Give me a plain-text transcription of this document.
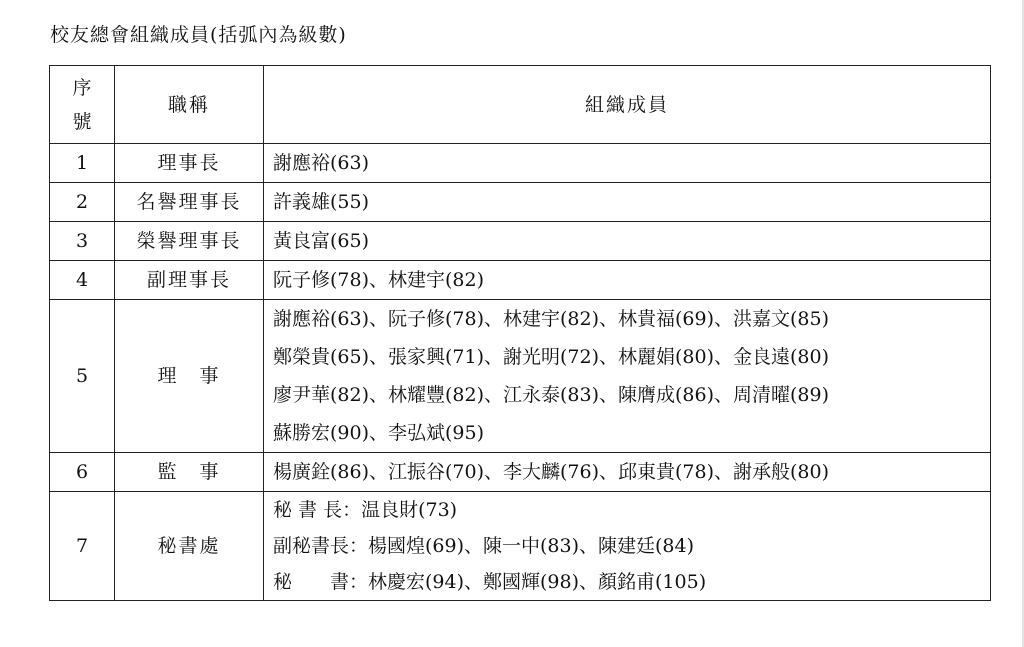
校友總會組織成員(括弧內為級數)
序
號	職稱	組織成員
1	理事長	謝應裕(63)

2	名譽理事長	許義雄(55)

3	榮譽理事長	黃良富(65)

4	副理事長	阮子修(78)、林建宇(82)

5	理　事	謝應裕(63)、阮子修(78)、林建宇(82)、林貴福(69)、洪嘉文(85)
鄭榮貴(65)、張家興(71)、謝光明(72)、林麗娟(80)、金良遠(80)
廖尹華(82)、林耀豐(82)、江永泰(83)、陳膺成(86)、周清曜(89)
蘇勝宏(90)、李弘斌(95)

6	監　事	楊廣銓(86)、江振谷(70)、李大麟(76)、邱東貴(78)、謝承般(80)

7	秘書處	秘 書 長：温良財(73)
副秘書長：楊國煌(69)、陳一中(83)、陳建廷(84)
秘　　書：林慶宏(94)、鄭國輝(98)、顏銘甫(105)
